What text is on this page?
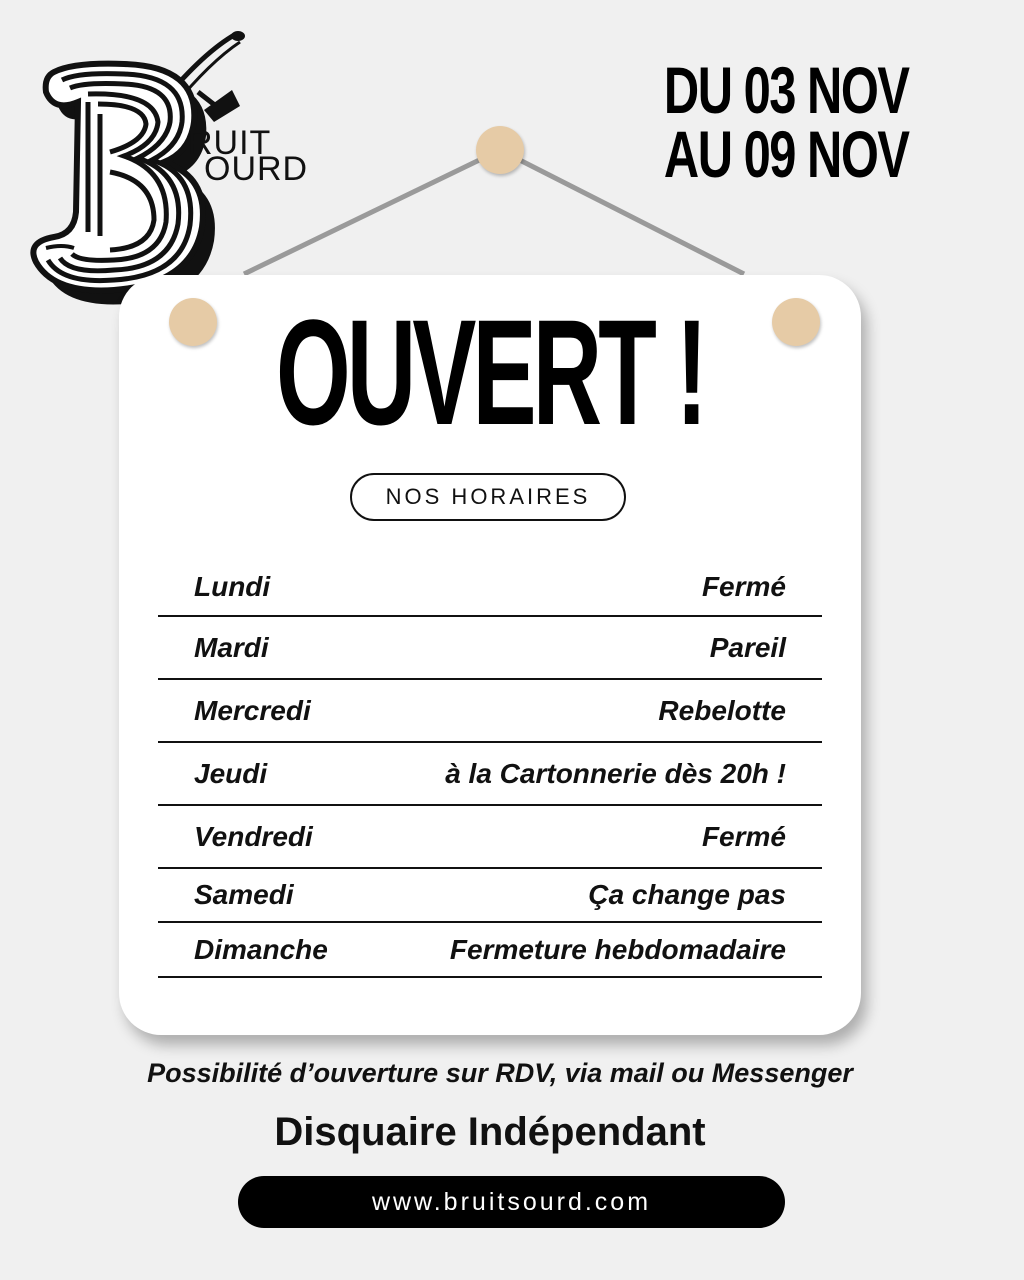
RUIT
OURD
DU 03 NOV
AU 09 NOV
OUVERT !
NOS HORAIRES
Lundi	Fermé
Mardi	Pareil
Mercredi	Rebelotte
Jeudi	à la Cartonnerie dès 20h !
Vendredi	Fermé
Samedi	Ça change pas
Dimanche	Fermeture hebdomadaire
Possibilité d’ouverture sur RDV, via mail ou Messenger
Disquaire Indépendant
www.bruitsourd.com
